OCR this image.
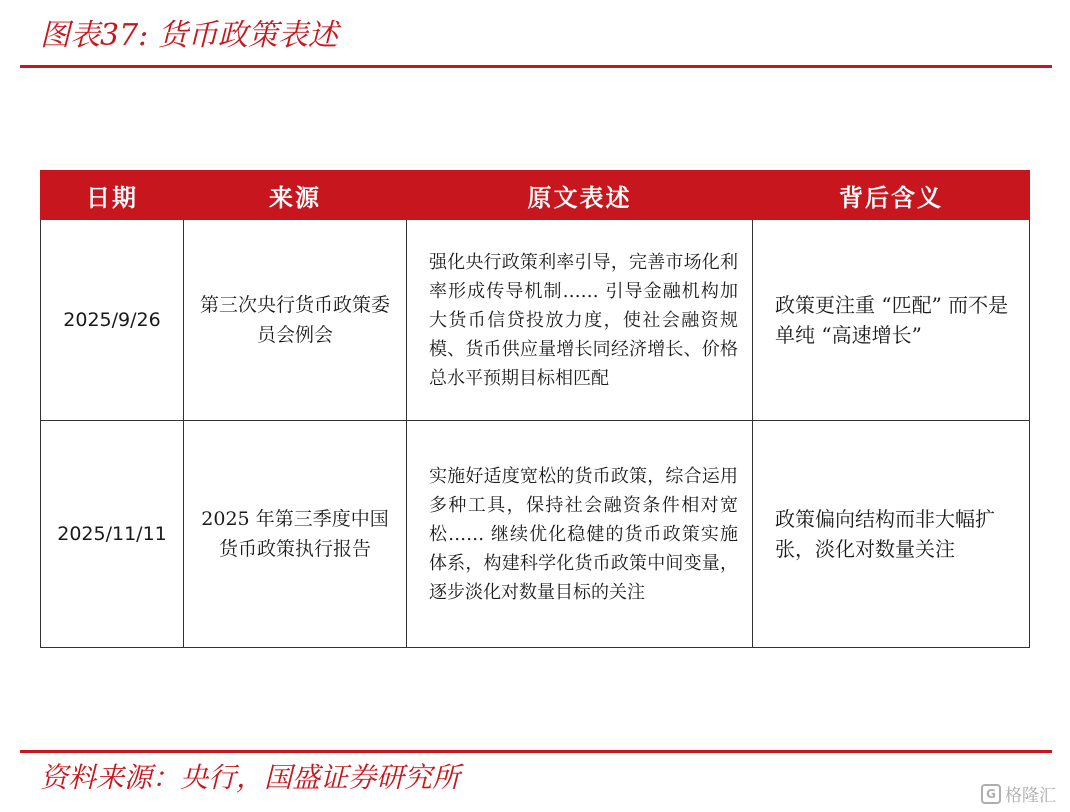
图表37: 货币政策表述
日期	来源	原文表述	背后含义
2025/9/26	第三次央行货币政策委员会例会	强化央行政策利率引导，完善市场化利率形成传导机制…… 引导金融机构加大货币信贷投放力度，使社会融资规模、货币供应量增长同经济增长、价格总水平预期目标相匹配	政策更注重 “匹配” 而不是单纯 “高速增长”
2025/11/11	2025 年第三季度中国货币政策执行报告	实施好适度宽松的货币政策，综合运用多种工具，保持社会融资条件相对宽松…… 继续优化稳健的货币政策实施体系，构建科学化货币政策中间变量，逐步淡化对数量目标的关注	政策偏向结构而非大幅扩张，淡化对数量关注
资料来源：央行，国盛证券研究所	G 格隆汇
